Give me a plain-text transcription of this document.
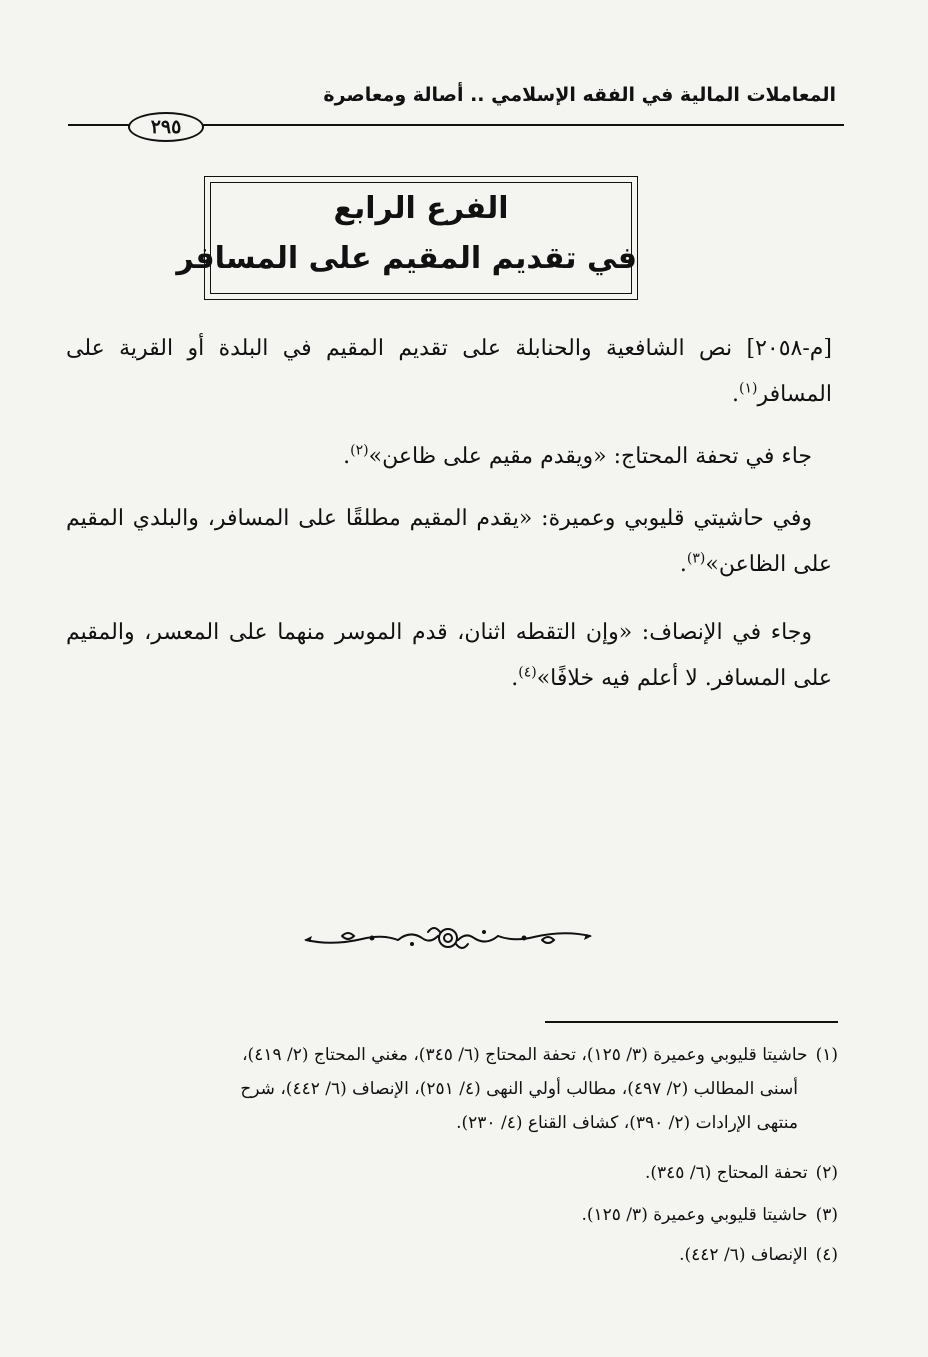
المعاملات المالية في الفقه الإسلامي .. أصالة ومعاصرة
٢٩٥
الفرع الرابع
في تقديم المقيم على المسافر
[م-٢٠٥٨] نص الشافعية والحنابلة على تقديم المقيم في البلدة أو القرية على المسافر$^{(١)}$.
جاء في تحفة المحتاج: «ويقدم مقيم على ظاعن»$^{(٢)}$.
وفي حاشيتي قليوبي وعميرة: «يقدم المقيم مطلقًا على المسافر، والبلدي المقيم على الظاعن»$^{(٣)}$.
وجاء في الإنصاف: «وإن التقطه اثنان، قدم الموسر منهما على المعسر، والمقيم على المسافر. لا أعلم فيه خلافًا»$^{(٤)}$.
(١)حاشيتا قليوبي وعميرة (٣/ ١٢٥)، تحفة المحتاج (٦/ ٣٤٥)، مغني المحتاج (٢/ ٤١٩)،
أسنى المطالب (٢/ ٤٩٧)، مطالب أولي النهى (٤/ ٢٥١)، الإنصاف (٦/ ٤٤٢)، شرح
منتهى الإرادات (٢/ ٣٩٠)، كشاف القناع (٤/ ٢٣٠).
(٢)تحفة المحتاج (٦/ ٣٤٥).
(٣)حاشيتا قليوبي وعميرة (٣/ ١٢٥).
(٤)الإنصاف (٦/ ٤٤٢).
